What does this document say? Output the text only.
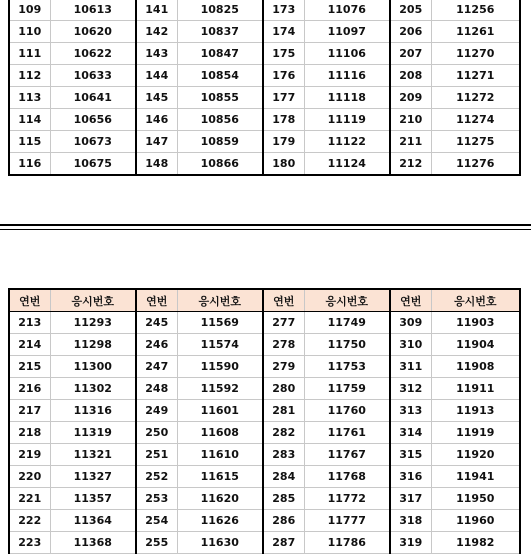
109	10613	141	10825	173	11076	205	11256
110	10620	142	10837	174	11097	206	11261
111	10622	143	10847	175	11106	207	11270
112	10633	144	10854	176	11116	208	11271
113	10641	145	10855	177	11118	209	11272
114	10656	146	10856	178	11119	210	11274
115	10673	147	10859	179	11122	211	11275
116	10675	148	10866	180	11124	212	11276
연번	응시번호	연번	응시번호	연번	응시번호	연번	응시번호
213	11293	245	11569	277	11749	309	11903
214	11298	246	11574	278	11750	310	11904
215	11300	247	11590	279	11753	311	11908
216	11302	248	11592	280	11759	312	11911
217	11316	249	11601	281	11760	313	11913
218	11319	250	11608	282	11761	314	11919
219	11321	251	11610	283	11767	315	11920
220	11327	252	11615	284	11768	316	11941
221	11357	253	11620	285	11772	317	11950
222	11364	254	11626	286	11777	318	11960
223	11368	255	11630	287	11786	319	11982
